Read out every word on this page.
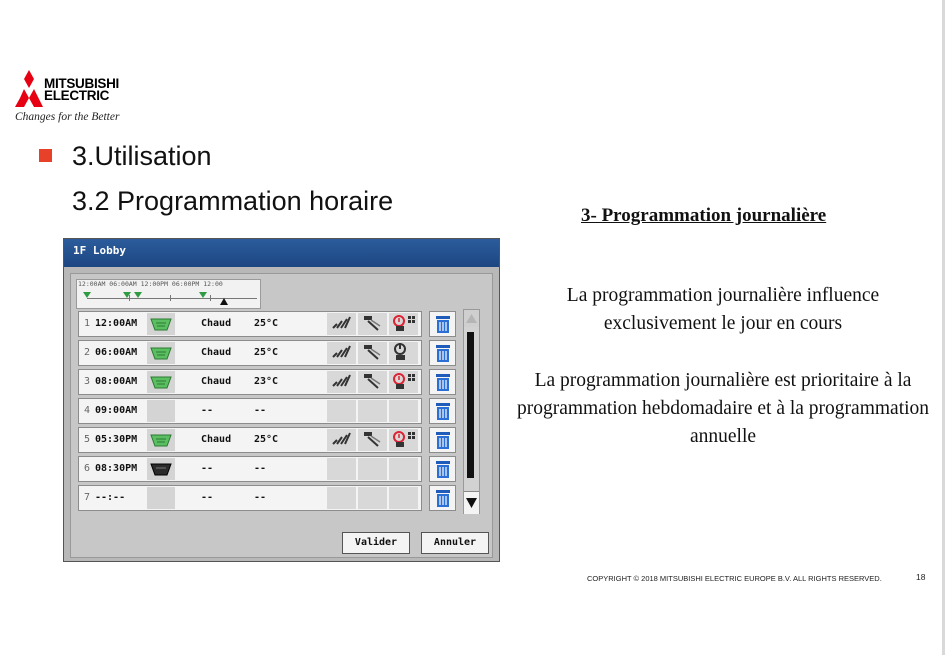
MITSUBISHI
ELECTRIC
Changes for the Better
3.Utilisation
3.2 Programmation horaire	3- Programmation journalière
La programmation journalière influence exclusivement le jour en cours
La programmation journalière est prioritaire à la programmation hebdomadaire et à la programmation annuelle
COPYRIGHT © 2018 MITSUBISHI ELECTRIC EUROPE B.V. ALL RIGHTS RESERVED.	18
1F Lobby
12:00AM 06:00AM 12:00PM 06:00PM 12:00
1 12:00AM	Chaud 25°C
2 06:00AM	Chaud 25°C
3 08:00AM	Chaud 23°C
4 09:00AM	--	--
5 05:30PM	Chaud 25°C
6 08:30PM	--	--
7 --:--	--	--
Valider	Annuler
